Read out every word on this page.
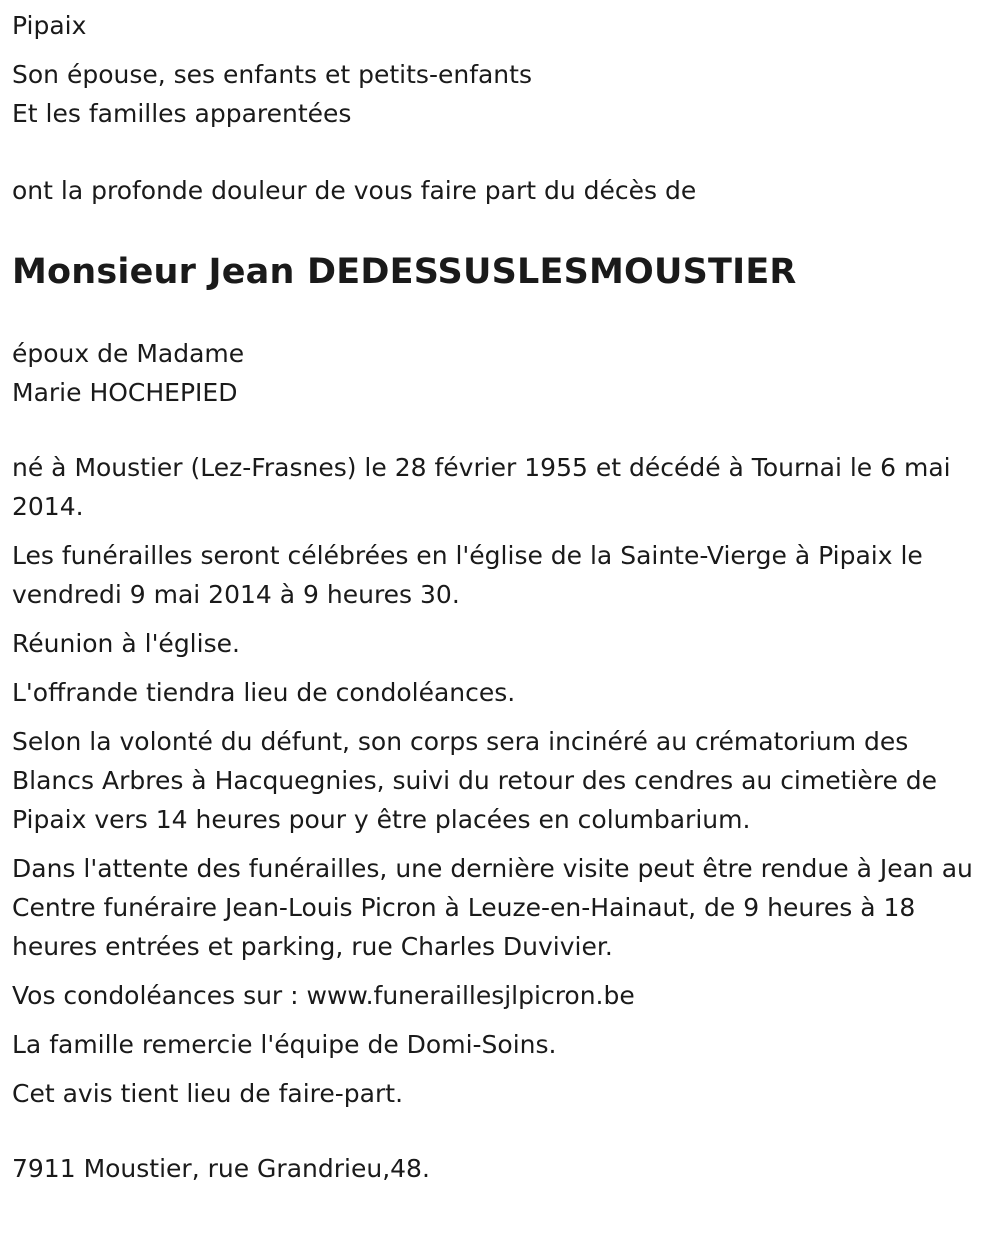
Pipaix

Son épouse, ses enfants et petits-enfants

Et les familles apparentées

ont la profonde douleur de vous faire part du décès de

Monsieur Jean DEDESSUSLESMOUSTIER

époux de Madame

Marie HOCHEPIED

né à Moustier (Lez-Frasnes) le 28 février 1955 et décédé à Tournai le 6 mai 2014.

Les funérailles seront célébrées en l'église de la Sainte-Vierge à Pipaix le vendredi 9 mai 2014 à 9 heures 30.

Réunion à l'église.

L'offrande tiendra lieu de condoléances.

Selon la volonté du défunt, son corps sera incinéré au crématorium des Blancs Arbres à Hacquegnies, suivi du retour des cendres au cimetière de Pipaix vers 14 heures pour y être placées en columbarium.

Dans l'attente des funérailles, une dernière visite peut être rendue à Jean au Centre funéraire Jean-Louis Picron à Leuze-en-Hainaut, de 9 heures à 18 heures entrées et parking, rue Charles Duvivier.

Vos condoléances sur : www.funeraillesjlpicron.be

La famille remercie l'équipe de Domi-Soins.

Cet avis tient lieu de faire-part.

7911 Moustier, rue Grandrieu,48.
